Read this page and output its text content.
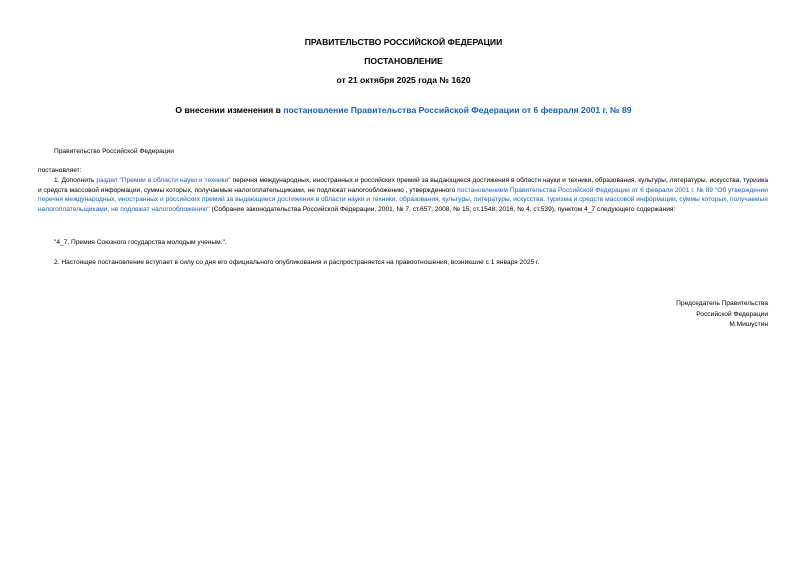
ПРАВИТЕЛЬСТВО РОССИЙСКОЙ ФЕДЕРАЦИИ
ПОСТАНОВЛЕНИЕ
от 21 октября 2025 года № 1620
О внесении изменения в постановление Правительства Российской Федерации от 6 февраля 2001 г. № 89
Правительство Российской Федерации
постановляет:
1. Дополнить раздел "Премии в области науки и техники" перечня международных, иностранных и российских премий за выдающиеся достижения в области науки и техники, образования, культуры, литературы, искусства, туризма и средств массовой информации, суммы которых, получаемые налогоплательщиками, не подлежат налогообложению , утвержденного постановлением Правительства Российской Федерации от 6 февраля 2001 г. № 89 "Об утверждении перечня международных, иностранных и российских премий за выдающиеся достижения в области науки и техники, образования, культуры, литературы, искусства, туризма и средств массовой информации, суммы которых, получаемые налогоплательщиками, не подлежат налогообложению" (Собрание законодательства Российской Федерации, 2001, № 7, ст.657; 2008, № 15, ст.1548; 2016, № 4, ст.539), пунктом 4_7 следующего содержания:
"4_7. Премия Союзного государства молодым ученым.".
2. Настоящее постановление вступает в силу со дня его официального опубликования и распространяется на правоотношения, возникшие с 1 января 2025 г.
Председатель Правительства
Российской Федерации
М.Мишустин
